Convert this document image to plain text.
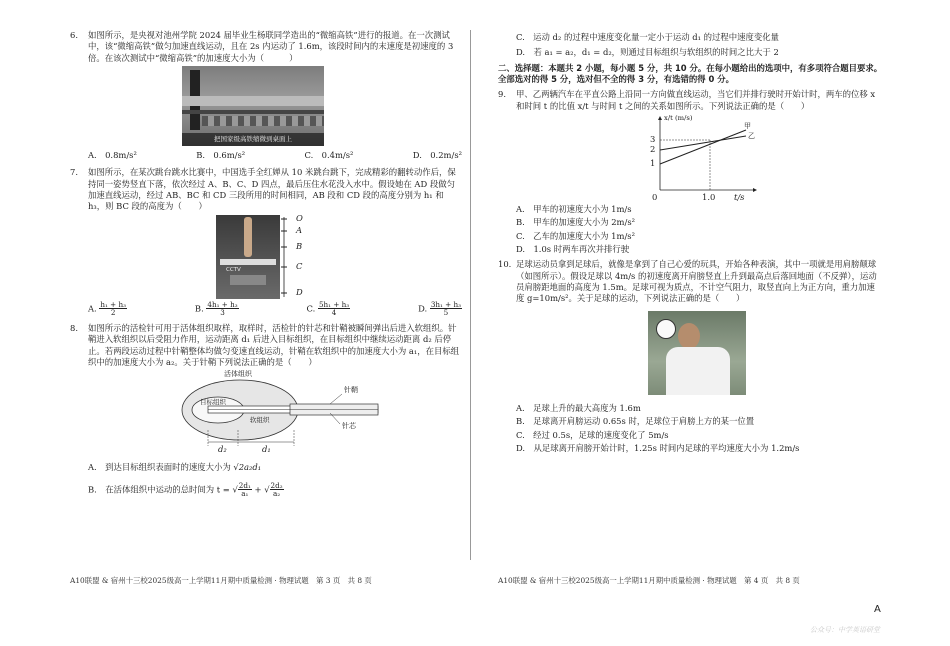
6. 如图所示，是央视对池州学院 2024 届毕业生杨联同学造出的“微缩高铁”进行的报道。在一次测试中，该“微缩高铁”做匀加速直线运动，且在 2s 内运动了 1.6m，该段时间内的末速度是初速度的 3 倍。在该次测试中“微缩高铁”的加速度大小为（　　　）
把国家级高铁缩微到桌面上
A.　0.8m/s²	B.　0.6m/s²	C.　0.4m/s²	D.　0.2m/s²
7. 如图所示，在某次跳台跳水比赛中，中国选手全红婵从 10 米跳台跳下，完成精彩的翻转动作后，保持同一姿势竖直下落，依次经过 A、B、C、D 四点，最后压住水花没入水中。假设她在 AD 段做匀加速直线运动，经过 AB、BC 和 CD 三段所用的时间相同，AB 段和 CD 段的高度分别为 h₁ 和 h₃，则 BC 段的高度为（　　）
CCTV
O
A
B
C
D
A. $\frac{\text{h₁ + h₃}}{2}$	B. $\frac{\text{4h₁ + h₃}}{3}$	C. $\frac{\text{5h₁ + h₃}}{4}$	D. $\frac{\text{3h₁ + h₃}}{5}$
8. 如图所示的活检针可用于活体组织取样，取样时，活检针的针芯和针鞘被瞬间弹出后进入软组织。针鞘进入软组织以后受阻力作用，运动距离 d₁ 后进入目标组织，在目标组织中继续运动距离 d₂ 后停止。若两段运动过程中针鞘整体均做匀变速直线运动，针鞘在软组织中的加速度大小为 a₁，在目标组织中的加速度大小为 a₂。关于针鞘下列说法正确的是（　　）
活体组织
目标组织
软组织
针鞘
针芯
d₂	d₁
A.　到达目标组织表面时的速度大小为 √2a₂d₁
B.　在活体组织中运动的总时间为 t = √ $\frac{\text{2d₁}}{\text{a₁}}$ + √ $\frac{\text{2d₂}}{\text{a₂}}$
C.　运动 d₂ 的过程中速度变化量一定小于运动 d₁ 的过程中速度变化量
D.　若 a₁ = a₂，d₁ = d₂，则通过目标组织与软组织的时间之比大于 2
二、选择题：本题共 2 小题，每小题 5 分，共 10 分。在每小题给出的选项中，有多项符合题目要求。全部选对的得 5 分，选对但不全的得 3 分，有选错的得 0 分。
9. 甲、乙两辆汽车在平直公路上沿同一方向做直线运动，当它们并排行驶时开始计时，两车的位移 x 和时间 t 的比值 x/t 与时间 t 之间的关系如图所示。下列说法正确的是（　　）
x/t (m/s)
t/s
1
2
3
0	1.0
甲
乙
A.　甲车的初速度大小为 1m/s
B.　甲车的加速度大小为 2m/s²
C.　乙车的加速度大小为 1m/s²
D.　1.0s 时两车再次并排行驶
10. 足球运动员拿到足球后，就像是拿到了自己心爱的玩具，开始各种表演，其中一项就是用肩膀颠球（如图所示）。假设足球以 4m/s 的初速度离开肩膀竖直上升到最高点后落回地面（不反弹），运动员肩膀距地面的高度为 1.5m。足球可视为质点，不计空气阻力，取竖直向上为正方向，重力加速度 g=10m/s²。关于足球的运动，下列说法正确的是（　　）
A.　足球上升的最大高度为 1.6m
B.　足球离开肩膀运动 0.65s 时，足球位于肩膀上方的某一位置
C.　经过 0.5s，足球的速度变化了 5m/s
D.　从足球离开肩膀开始计时，1.25s 时间内足球的平均速度大小为 1.2m/s
A10联盟 & 宿州十三校2025级高一上学期11月期中质量检测 · 物理试题　第 3 页　共 8 页	A10联盟 & 宿州十三校2025级高一上学期11月期中质量检测 · 物理试题　第 4 页　共 8 页
A
公众号：中学英语研堂
